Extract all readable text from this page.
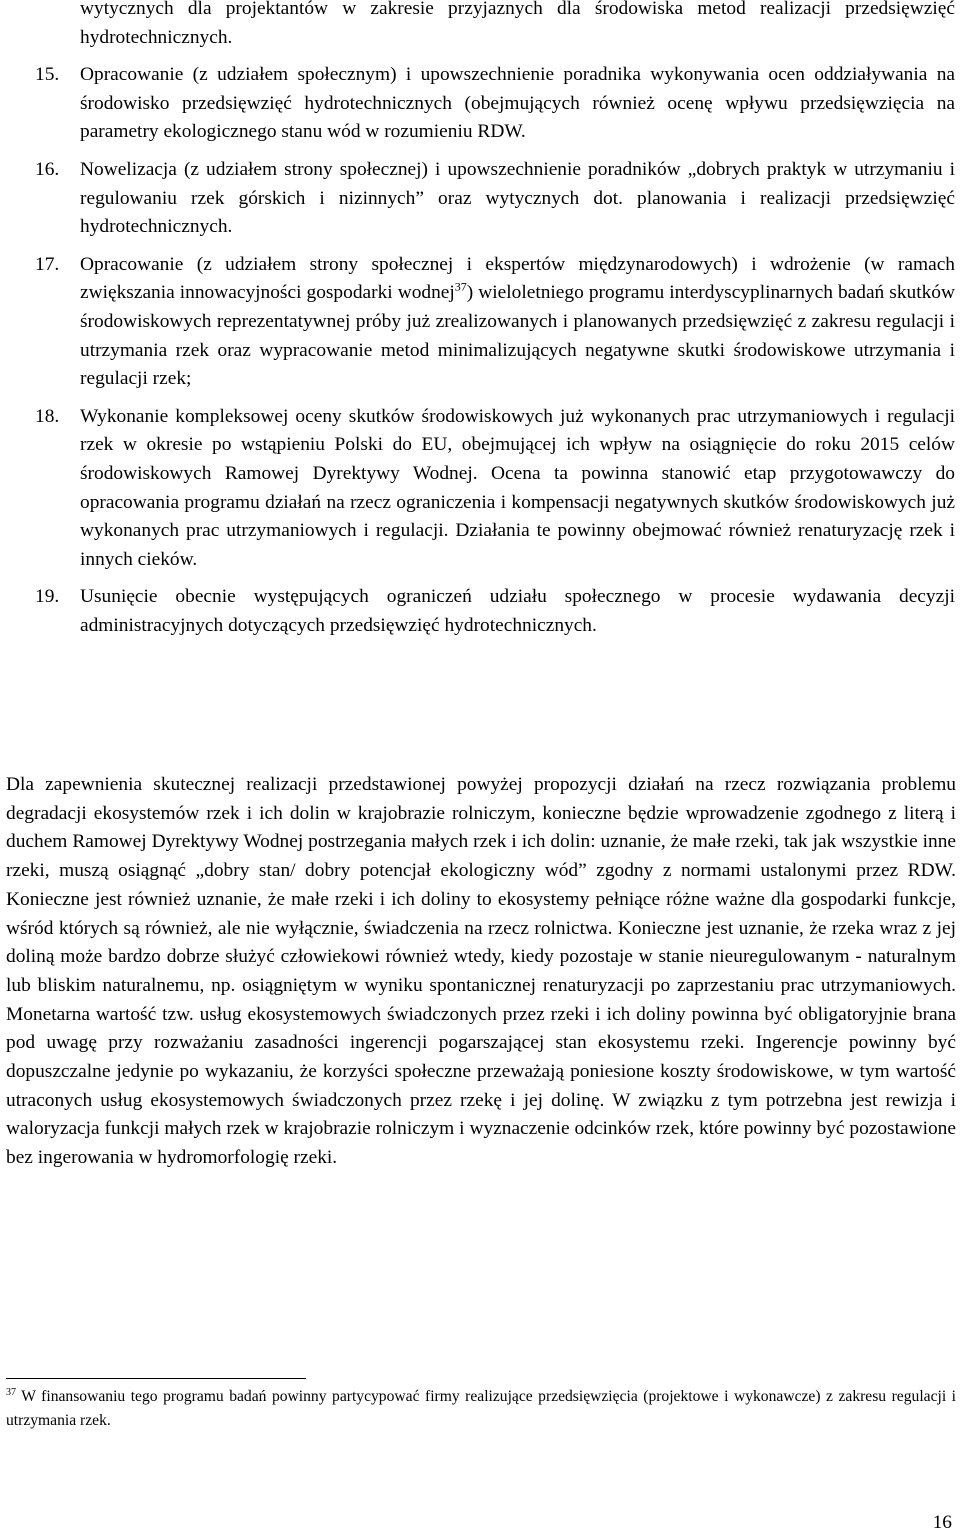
wytycznych dla projektantów w zakresie przyjaznych dla środowiska metod realizacji przedsięwzięć hydrotechnicznych.
15. Opracowanie (z udziałem społecznym) i upowszechnienie poradnika wykonywania ocen oddziaływania na środowisko przedsięwzięć hydrotechnicznych (obejmujących również ocenę wpływu przedsięwzięcia na parametry ekologicznego stanu wód w rozumieniu RDW.

16. Nowelizacja (z udziałem strony społecznej) i upowszechnienie poradników „dobrych praktyk w utrzymaniu i regulowaniu rzek górskich i nizinnych” oraz wytycznych dot. planowania i realizacji przedsięwzięć hydrotechnicznych.

17. Opracowanie (z udziałem strony społecznej i ekspertów międzynarodowych) i wdrożenie (w ramach zwiększania innowacyjności gospodarki wodnej$^{37}$) wieloletniego programu interdyscyplinarnych badań skutków środowiskowych reprezentatywnej próby już zrealizowanych i planowanych przedsięwzięć z zakresu regulacji i utrzymania rzek oraz wypracowanie metod minimalizujących negatywne skutki środowiskowe utrzymania i regulacji rzek;

18. Wykonanie kompleksowej oceny skutków środowiskowych już wykonanych prac utrzymaniowych i regulacji rzek w okresie po wstąpieniu Polski do EU, obejmującej ich wpływ na osiągnięcie do roku 2015 celów środowiskowych Ramowej Dyrektywy Wodnej. Ocena ta powinna stanowić etap przygotowawczy do opracowania programu działań na rzecz ograniczenia i kompensacji negatywnych skutków środowiskowych już wykonanych prac utrzymaniowych i regulacji. Działania te powinny obejmować również renaturyzację rzek i innych cieków.

19. Usunięcie obecnie występujących ograniczeń udziału społecznego w procesie wydawania decyzji administracyjnych dotyczących przedsięwzięć hydrotechnicznych.

Dla zapewnienia skutecznej realizacji przedstawionej powyżej propozycji działań na rzecz rozwiązania problemu degradacji ekosystemów rzek i ich dolin w krajobrazie rolniczym, konieczne będzie wprowadzenie zgodnego z literą i duchem Ramowej Dyrektywy Wodnej postrzegania małych rzek i ich dolin: uznanie, że małe rzeki, tak jak wszystkie inne rzeki, muszą osiągnąć „dobry stan/ dobry potencjał ekologiczny wód” zgodny z normami ustalonymi przez RDW. Konieczne jest również uznanie, że małe rzeki i ich doliny to ekosystemy pełniące różne ważne dla gospodarki funkcje, wśród których są również, ale nie wyłącznie, świadczenia na rzecz rolnictwa. Konieczne jest uznanie, że rzeka wraz z jej doliną może bardzo dobrze służyć człowiekowi również wtedy, kiedy pozostaje w stanie nieuregulowanym - naturalnym lub bliskim naturalnemu, np. osiągniętym w wyniku spontanicznej renaturyzacji po zaprzestaniu prac utrzymaniowych. Monetarna wartość tzw. usług ekosystemowych świadczonych przez rzeki i ich doliny powinna być obligatoryjnie brana pod uwagę przy rozważaniu zasadności ingerencji pogarszającej stan ekosystemu rzeki. Ingerencje powinny być dopuszczalne jedynie po wykazaniu, że korzyści społeczne przeważają poniesione koszty środowiskowe, w tym wartość utraconych usług ekosystemowych świadczonych przez rzekę i jej dolinę. W związku z tym potrzebna jest rewizja i waloryzacja funkcji małych rzek w krajobrazie rolniczym i wyznaczenie odcinków rzek, które powinny być pozostawione bez ingerowania w hydromorfologię rzeki.

$^{37}$ W finansowaniu tego programu badań powinny partycypować firmy realizujące przedsięwzięcia (projektowe i wykonawcze) z zakresu regulacji i utrzymania rzek.

16
